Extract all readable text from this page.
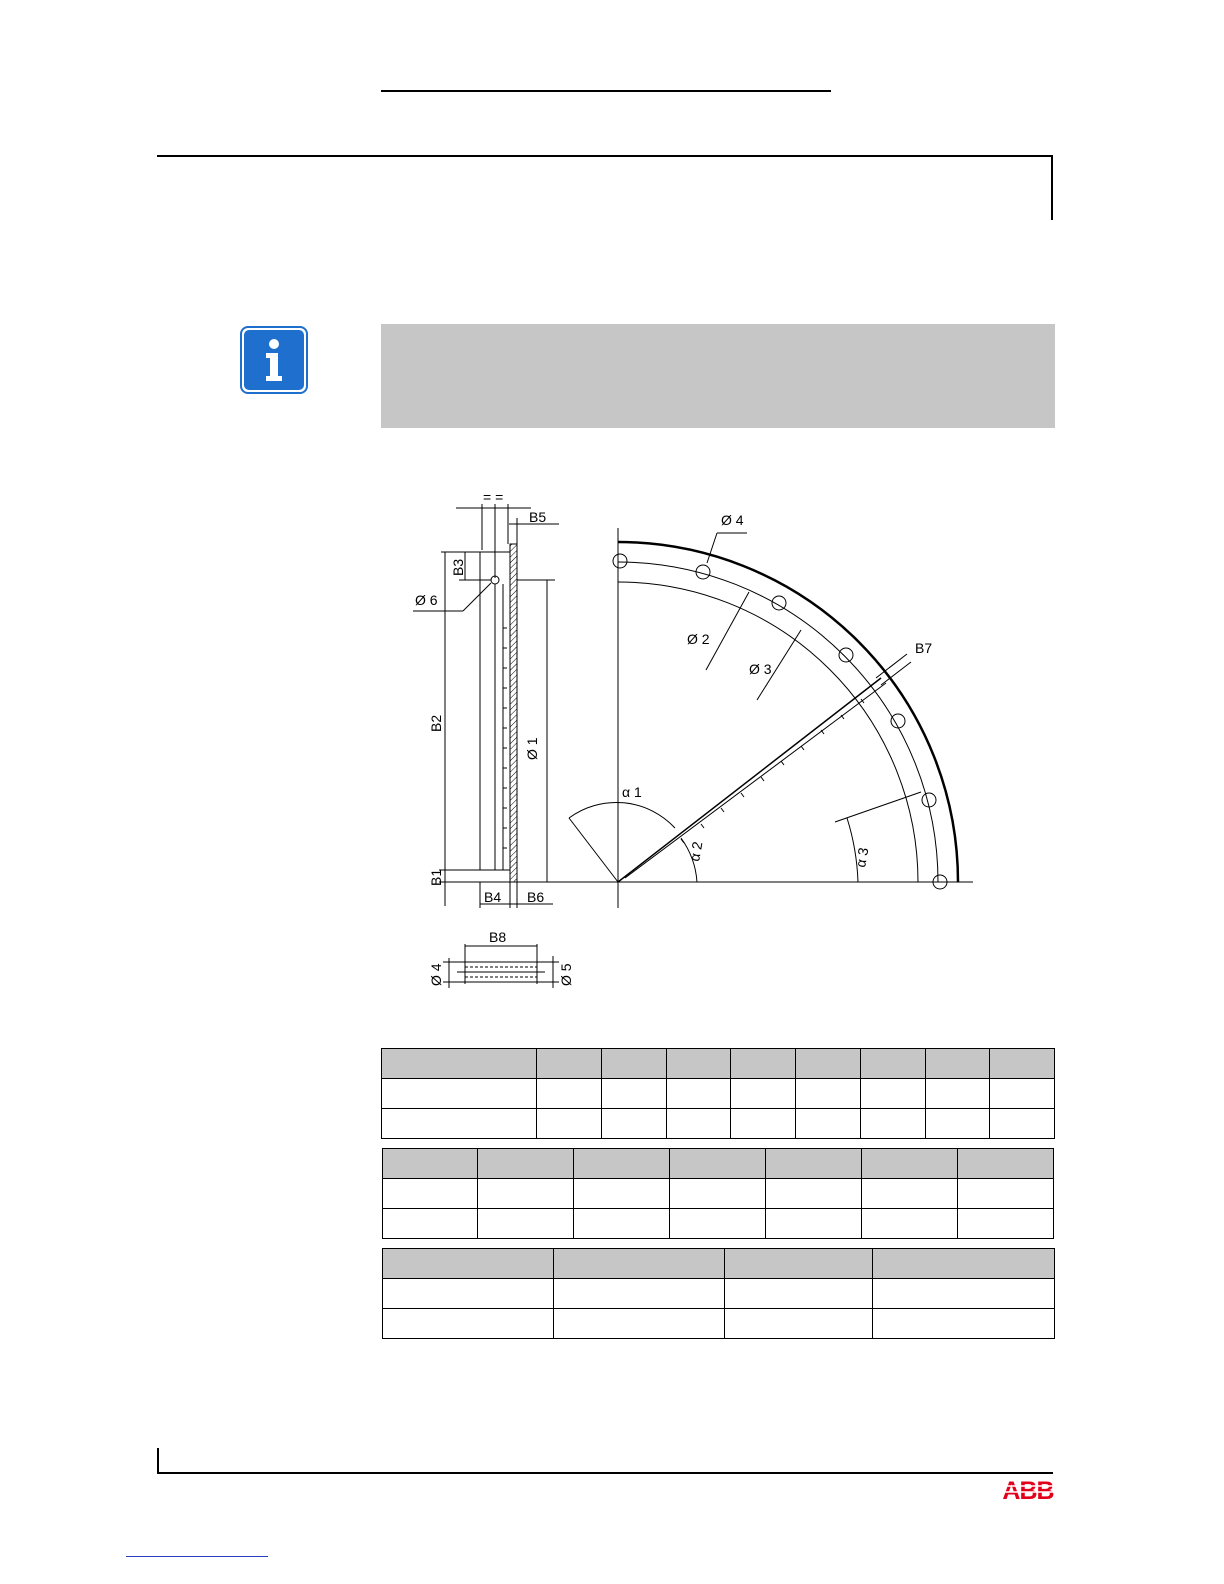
= =
B5
Ø 6
B3
B2
B1
Ø 1
B4 B6
Ø 4
Ø 2
Ø 3
B7
α 1
α 2	α 3
B8
Ø 4	Ø 5

ABB
